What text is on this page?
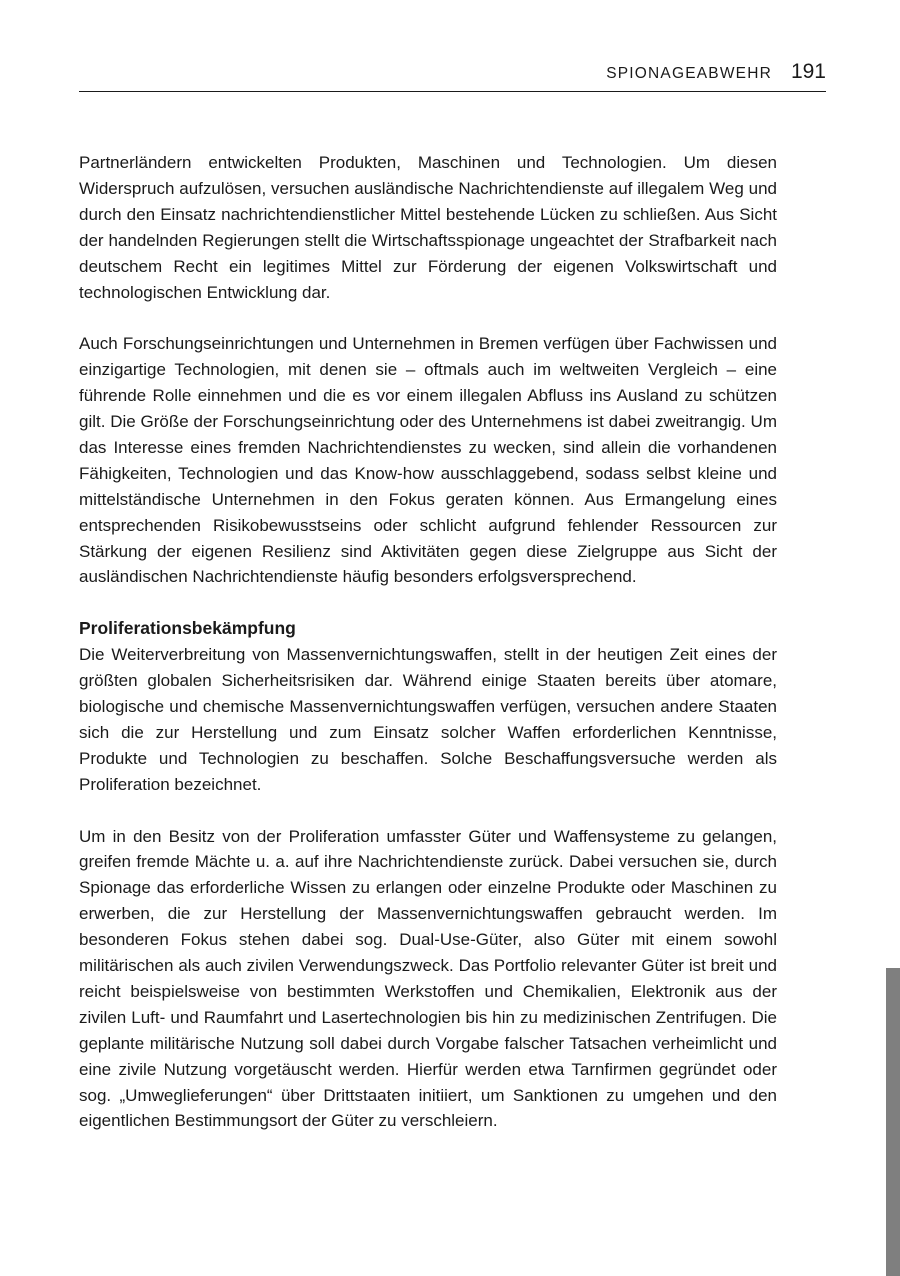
SPIONAGEABWEHR 191

Partnerländern entwickelten Produkten, Maschinen und Technologien. Um diesen Widerspruch aufzulösen, versuchen ausländische Nachrichtendienste auf illegalem Weg und durch den Einsatz nachrichtendienstlicher Mittel bestehende Lücken zu schließen. Aus Sicht der handelnden Regierungen stellt die Wirtschaftsspionage ungeachtet der Strafbarkeit nach deutschem Recht ein legitimes Mittel zur Förderung der eigenen Volkswirtschaft und technologischen Entwicklung dar.

Auch Forschungseinrichtungen und Unternehmen in Bremen verfügen über Fachwissen und einzigartige Technologien, mit denen sie – oftmals auch im weltweiten Vergleich – eine führende Rolle einnehmen und die es vor einem illegalen Abfluss ins Ausland zu schützen gilt. Die Größe der Forschungseinrichtung oder des Unternehmens ist dabei zweitrangig. Um das Interesse eines fremden Nachrichtendienstes zu wecken, sind allein die vorhandenen Fähigkeiten, Technologien und das Know-how ausschlaggebend, sodass selbst kleine und mittelständische Unternehmen in den Fokus geraten können. Aus Ermangelung eines entsprechenden Risikobewusstseins oder schlicht aufgrund fehlender Ressourcen zur Stärkung der eigenen Resilienz sind Aktivitäten gegen diese Zielgruppe aus Sicht der ausländischen Nachrichtendienste häufig besonders erfolgsversprechend.

Proliferationsbekämpfung

Die Weiterverbreitung von Massenvernichtungswaffen, stellt in der heutigen Zeit eines der größten globalen Sicherheitsrisiken dar. Während einige Staaten bereits über atomare, biologische und chemische Massenvernichtungswaffen verfügen, versuchen andere Staaten sich die zur Herstellung und zum Einsatz solcher Waffen erforderlichen Kenntnisse, Produkte und Technologien zu beschaffen. Solche Beschaffungsversuche werden als Proliferation bezeichnet.

Um in den Besitz von der Proliferation umfasster Güter und Waffensysteme zu gelangen, greifen fremde Mächte u. a. auf ihre Nachrichtendienste zurück. Dabei versuchen sie, durch Spionage das erforderliche Wissen zu erlangen oder einzelne Produkte oder Maschinen zu erwerben, die zur Herstellung der Massenvernichtungswaffen gebraucht werden. Im besonderen Fokus stehen dabei sog. Dual-Use-Güter, also Güter mit einem sowohl militärischen als auch zivilen Verwendungszweck. Das Portfolio relevanter Güter ist breit und reicht beispielsweise von bestimmten Werkstoffen und Chemikalien, Elektronik aus der zivilen Luft- und Raumfahrt und Lasertechnologien bis hin zu medizinischen Zentrifugen. Die geplante militärische Nutzung soll dabei durch Vorgabe falscher Tatsachen verheimlicht und eine zivile Nutzung vorgetäuscht werden. Hierfür werden etwa Tarnfirmen gegründet oder sog. „Umweglieferungen“ über Drittstaaten initiiert, um Sanktionen zu umgehen und den eigentlichen Bestimmungsort der Güter zu verschleiern.
